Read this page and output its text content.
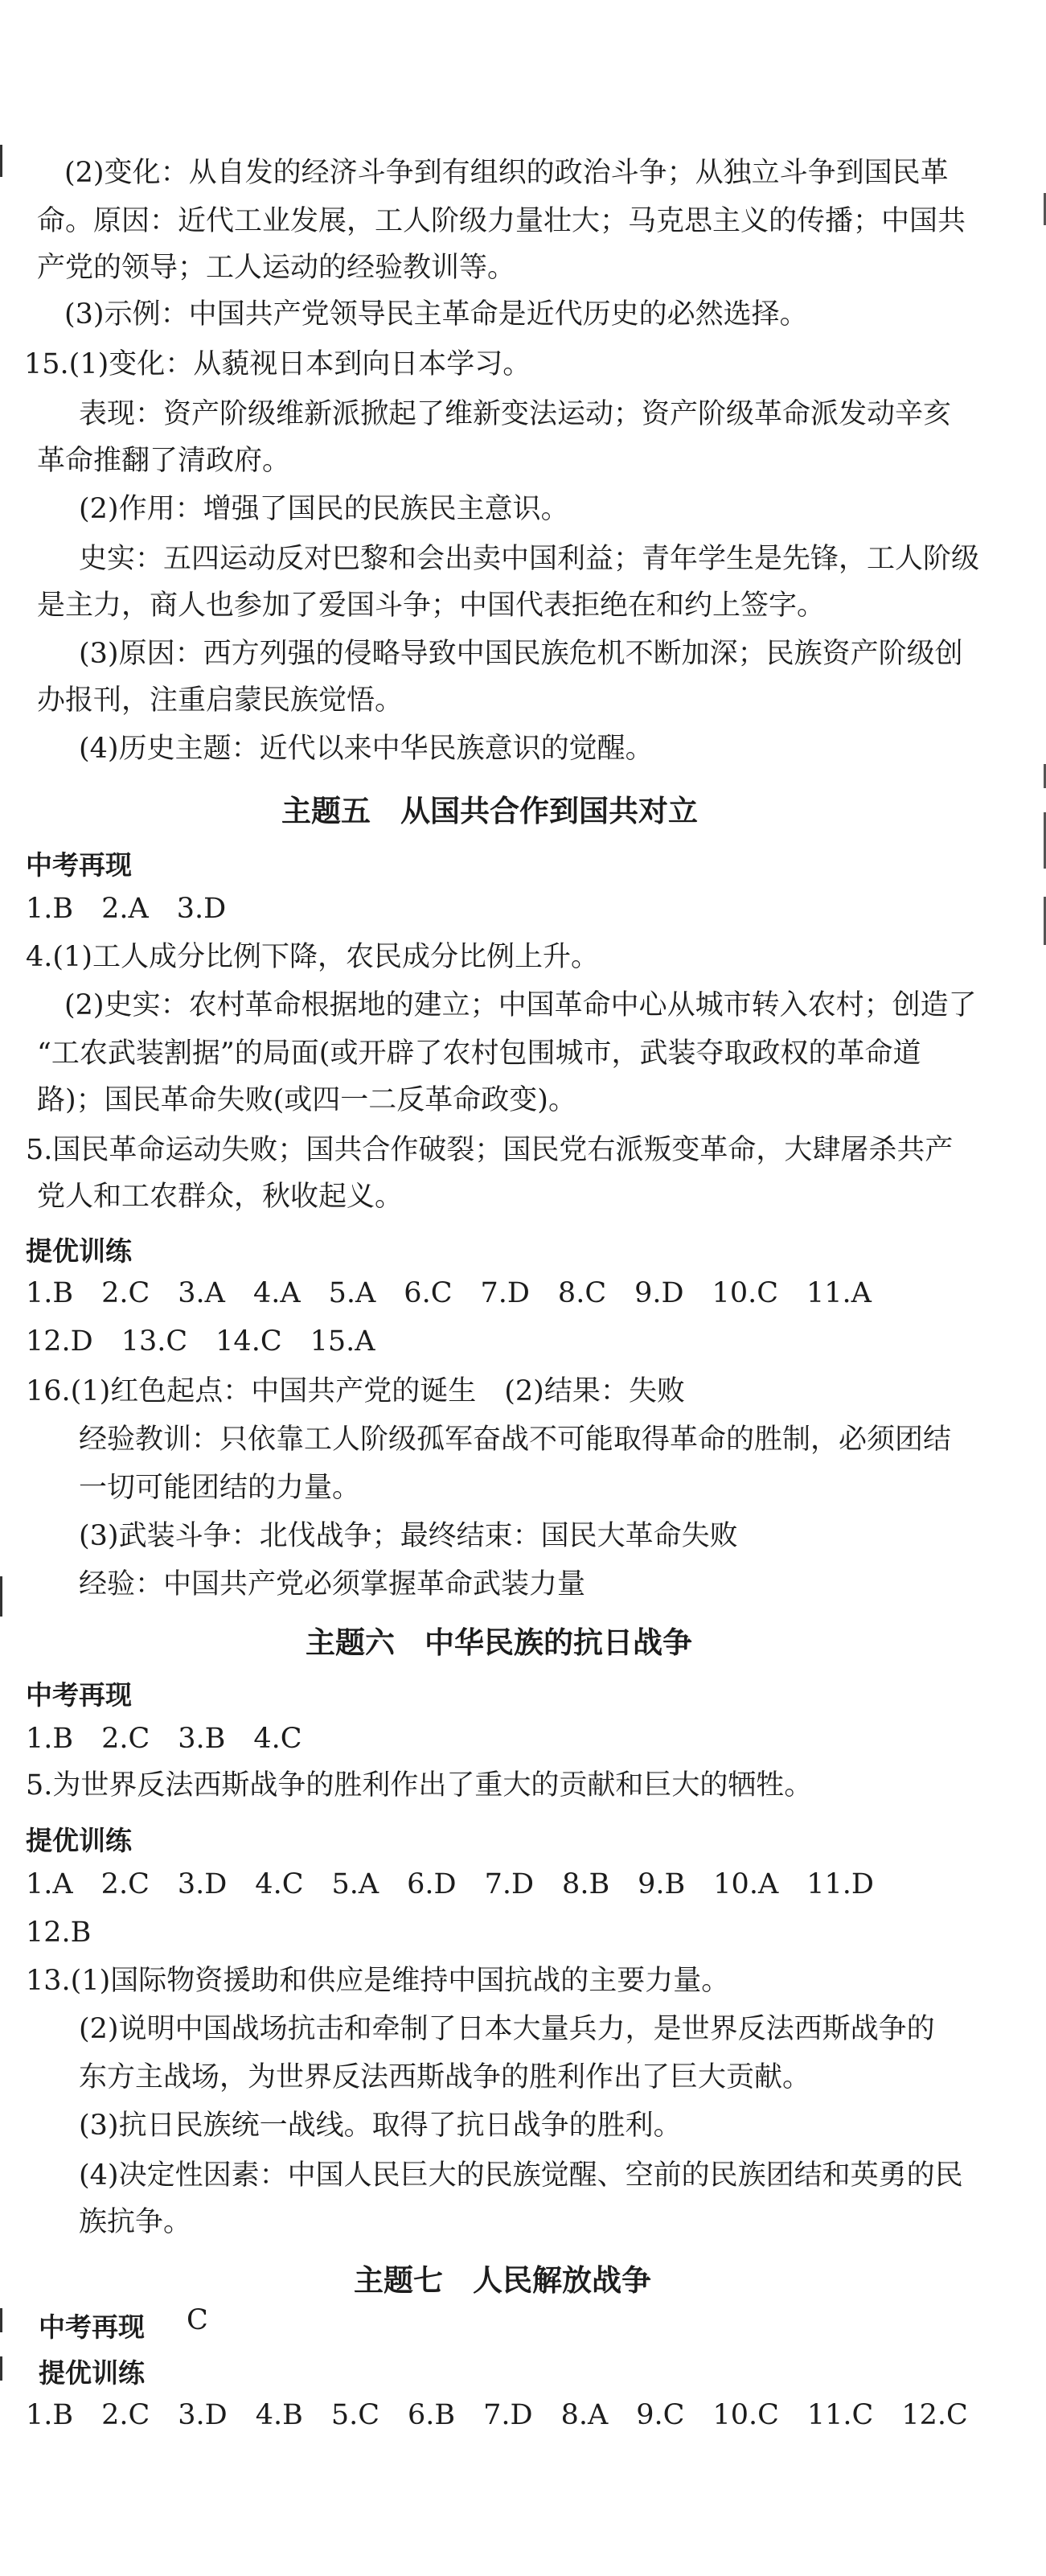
(2)变化：从自发的经济斗争到有组织的政治斗争；从独立斗争到国民革
命。原因：近代工业发展，工人阶级力量壮大；马克思主义的传播；中国共
产党的领导；工人运动的经验教训等。
(3)示例：中国共产党领导民主革命是近代历史的必然选择。
15.(1)变化：从藐视日本到向日本学习。
表现：资产阶级维新派掀起了维新变法运动；资产阶级革命派发动辛亥
革命推翻了清政府。
(2)作用：增强了国民的民族民主意识。
史实：五四运动反对巴黎和会出卖中国利益；青年学生是先锋，工人阶级
是主力，商人也参加了爱国斗争；中国代表拒绝在和约上签字。
(3)原因：西方列强的侵略导致中国民族危机不断加深；民族资产阶级创
办报刊，注重启蒙民族觉悟。
(4)历史主题：近代以来中华民族意识的觉醒。
主题五　从国共合作到国共对立
中考再现
1.B　2.A　3.D
4.(1)工人成分比例下降，农民成分比例上升。
(2)史实：农村革命根据地的建立；中国革命中心从城市转入农村；创造了
“工农武装割据”的局面(或开辟了农村包围城市，武装夺取政权的革命道
路)；国民革命失败(或四一二反革命政变)。
5.国民革命运动失败；国共合作破裂；国民党右派叛变革命，大肆屠杀共产
党人和工农群众，秋收起义。
提优训练
1.B　2.C　3.A　4.A　5.A　6.C　7.D　8.C　9.D　10.C　11.A
12.D　13.C　14.C　15.A
16.(1)红色起点：中国共产党的诞生　(2)结果：失败
经验教训：只依靠工人阶级孤军奋战不可能取得革命的胜制，必须团结
一切可能团结的力量。
(3)武装斗争：北伐战争；最终结束：国民大革命失败
经验：中国共产党必须掌握革命武装力量
主题六　中华民族的抗日战争
中考再现
1.B　2.C　3.B　4.C
5.为世界反法西斯战争的胜利作出了重大的贡献和巨大的牺牲。
提优训练
1.A　2.C　3.D　4.C　5.A　6.D　7.D　8.B　9.B　10.A　11.D
12.B
13.(1)国际物资援助和供应是维持中国抗战的主要力量。
(2)说明中国战场抗击和牵制了日本大量兵力，是世界反法西斯战争的
东方主战场，为世界反法西斯战争的胜利作出了巨大贡献。
(3)抗日民族统一战线。取得了抗日战争的胜利。
(4)决定性因素：中国人民巨大的民族觉醒、空前的民族团结和英勇的民
族抗争。
主题七　人民解放战争
中考再现 C
提优训练
1.B　2.C　3.D　4.B　5.C　6.B　7.D　8.A　9.C　10.C　11.C　12.C
